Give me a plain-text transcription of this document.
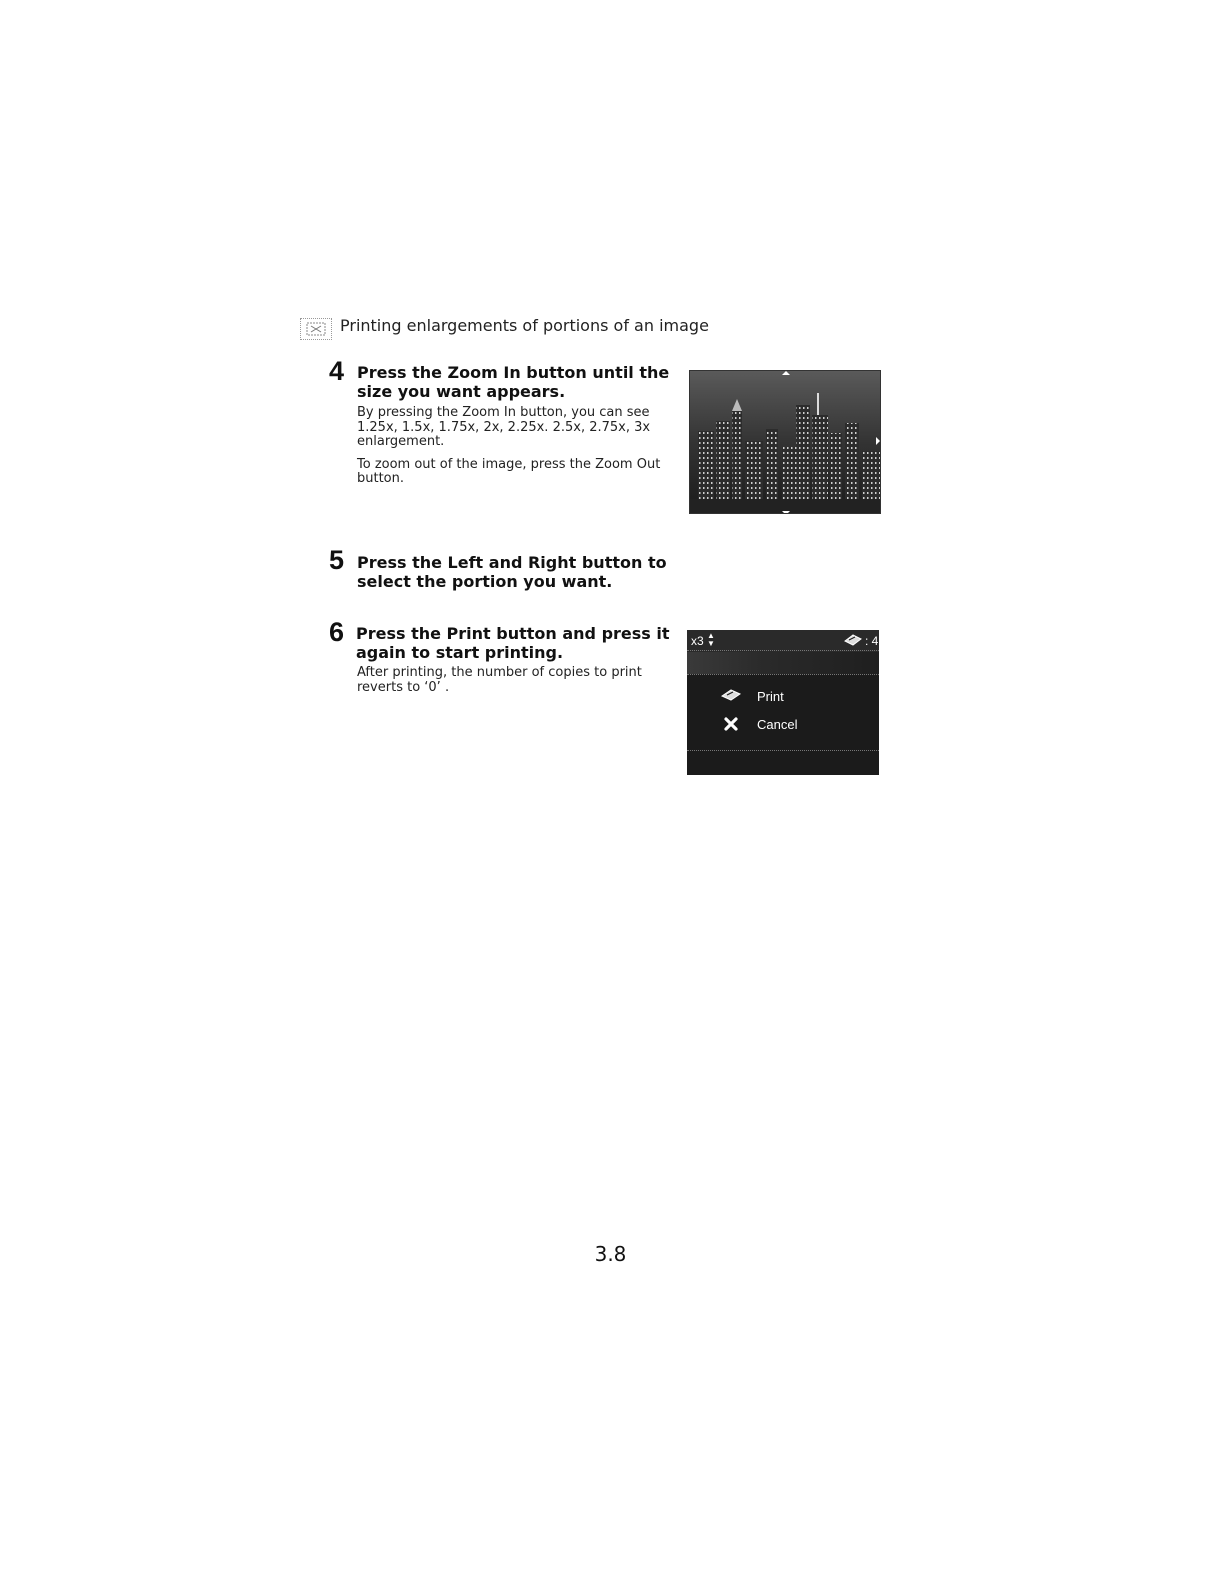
Printing enlargements of portions of an image
4 Press the Zoom In button until the
size you want appears.

By pressing the Zoom In button, you can see 1.25x, 1.5x, 1.75x, 2x, 2.25x. 2.5x, 2.75x, 3x enlargement.

To zoom out of the image, press the Zoom Out button.

5 Press the Left and Right button to
select the portion you want.
6 Press the Print button and press it
again to start printing.

After printing, the number of copies to print reverts to ‘0’ .

x3 ▲
▼	: 4
Print
Cancel
3.8
